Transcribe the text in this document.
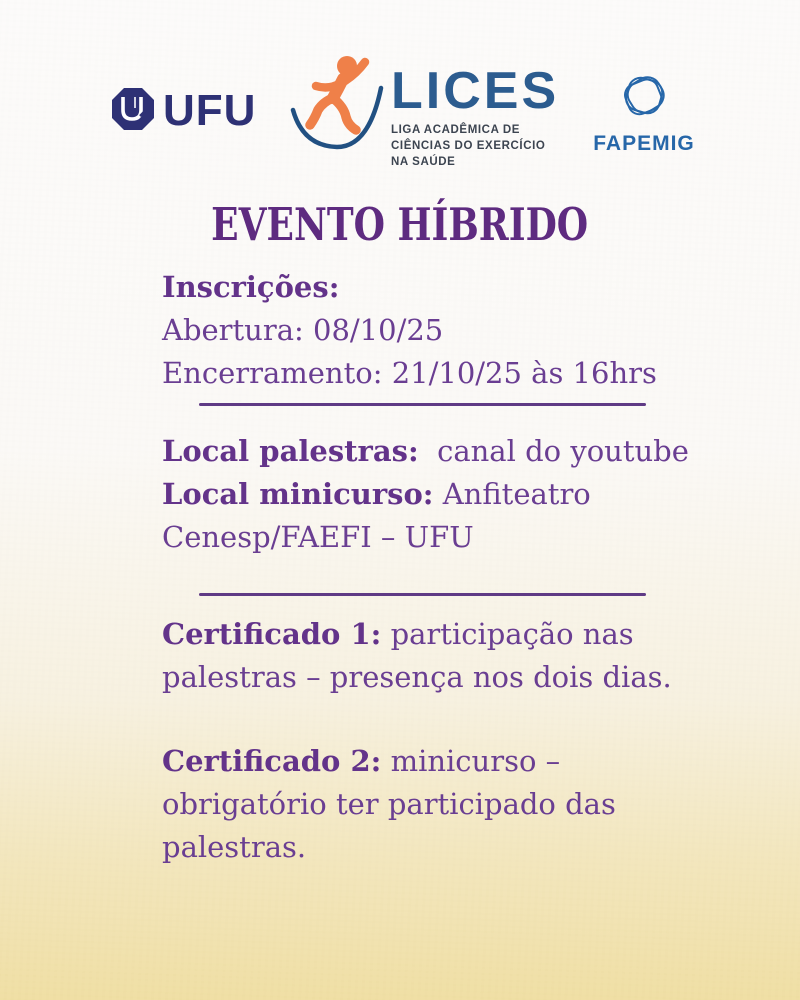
UFU	LICES
LIGA ACADÊMICA DE
CIÊNCIAS DO EXERCÍCIO
NA SAÚDE
FAPEMIG
EVENTO HÍBRIDO
Inscrições:
Abertura: 08/10/25
Encerramento: 21/10/25 às 16hrs
Local palestras: canal do youtube
Local minicurso: Anfiteatro
Cenesp/FAEFI – UFU
Certificado 1: participação nas
palestras – presença nos dois dias.
Certificado 2: minicurso –
obrigatório ter participado das
palestras.
